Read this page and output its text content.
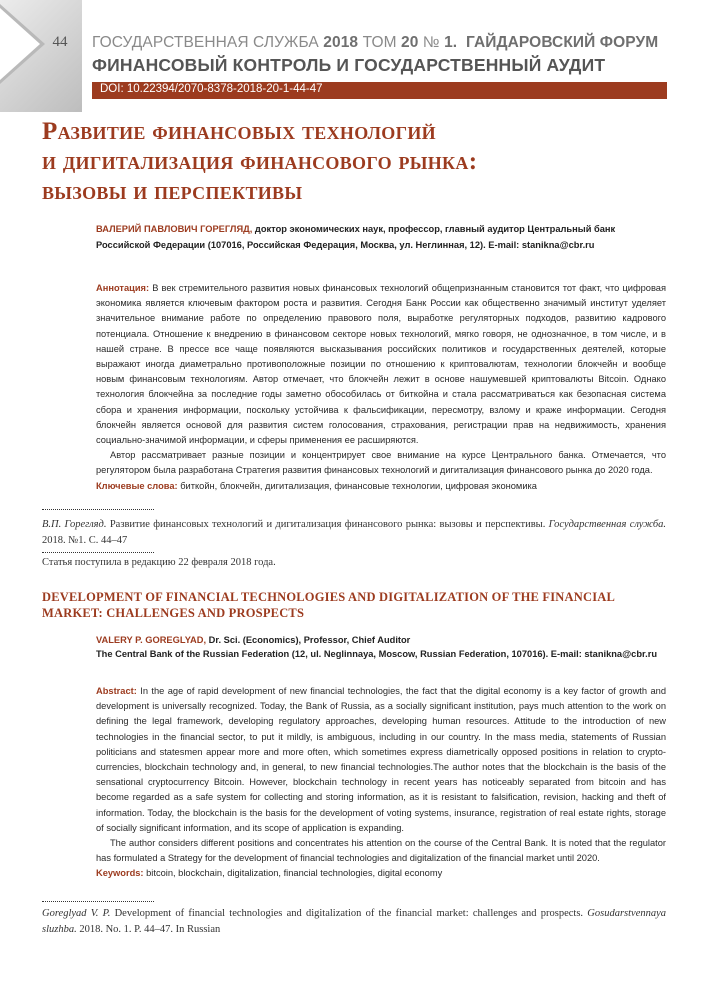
44	ГОСУДАРСТВЕННАЯ СЛУЖБА 2018 ТОМ 20 № 1. ГАЙДАРОВСКИЙ ФОРУМ
ФИНАНСОВЫЙ КОНТРОЛЬ И ГОСУДАРСТВЕННЫЙ АУДИТ
DOI: 10.22394/2070-8378-2018-20-1-44-47
Развитие финансовых технологий
и дигитализация финансового рынка:
вызовы и перспективы
ВАЛЕРИЙ ПАВЛОВИЧ ГОРЕГЛЯД, доктор экономических наук, профессор, главный аудитор Центральный банк Российской Федерации (107016, Российская Федерация, Москва, ул. Неглинная, 12). E-mail: stanikna@cbr.ru

Аннотация: В век стремительного развития новых финансовых технологий общепризнанным становится тот факт, что цифровая экономика является ключевым фактором роста и развития. Сегодня Банк России как общественно значимый институт уделяет значительное внимание работе по определению правового поля, выработке регуляторных подходов, развитию кадрового потенциала. Отношение к внедрению в финансовом секторе новых технологий, мягко говоря, не однозначное, в том числе, и в нашей стране. В прессе все чаще появляются высказывания российских политиков и государственных деятелей, которые выражают иногда диаметрально противоположные позиции по отношению к криптовалютам, технологии блокчейн и вообще новым финансовым технологиям. Автор отмечает, что блокчейн лежит в основе нашумевшей криптовалюты Bitcoin. Однако технология блокчейна за последние годы заметно обособилась от биткойна и стала рассматриваться как безопасная система сбора и хранения информации, поскольку устойчива к фальсификации, пересмотру, взлому и краже информации. Сегодня блокчейн является основой для развития систем голосования, страхования, регистрации прав на недвижимость, хранения социально-значимой информации, и сферы применения ее расширяются.

Автор рассматривает разные позиции и концентрирует свое внимание на курсе Центрального банка. Отмечается, что регулятором была разработана Стратегия развития финансовых технологий и дигитализация финансового рынка до 2020 года.

Ключевые слова: биткойн, блокчейн, дигитализация, финансовые технологии, цифровая экономика

В.П. Горегляд. Развитие финансовых технологий и дигитализация финансового рынка: вызовы и перспективы. Государственная служба. 2018. №1. С. 44–47
Статья поступила в редакцию 22 февраля 2018 года.
DEVELOPMENT OF FINANCIAL TECHNOLOGIES AND DIGITALIZATION OF THE FINANCIAL MARKET: CHALLENGES AND PROSPECTS
VALERY P. GOREGLYAD, Dr. Sci. (Economics), Professor, Chief Auditor
The Central Bank of the Russian Federation (12, ul. Neglinnaya, Moscow, Russian Federation, 107016). E-mail: stanikna@cbr.ru

Abstract: In the age of rapid development of new financial technologies, the fact that the digital economy is a key factor of growth and development is universally recognized. Today, the Bank of Russia, as a socially significant institution, pays much attention to the work on defining the legal framework, developing regulatory approaches, developing human resources. Attitude to the introduction of new technologies in the financial sector, to put it mildly, is ambiguous, including in our country. In the mass media, statements of Russian politicians and statesmen appear more and more often, which sometimes express diametrically opposed positions in relation to crypto-currencies, blockchain technology and, in general, to new financial technologies.The author notes that the blockchain is the basis of the sensational cryptocurrency Bitcoin. However, blockchain technology in recent years has noticeably separated from bitcoin and has become regarded as a safe system for collecting and storing information, as it is resistant to falsification, revision, hacking and theft of information. Today, the blockchain is the basis for the development of voting systems, insurance, registration of real estate rights, storage of socially significant information, and its scope of application is expanding.

The author considers different positions and concentrates his attention on the course of the Central Bank. It is noted that the regulator has formulated a Strategy for the development of financial technologies and digitalization of the financial market until 2020.

Keywords: bitcoin, blockchain, digitalization, financial technologies, digital economy

Goreglyad V. P. Development of financial technologies and digitalization of the financial market: challenges and prospects. Gosudarstvennaya sluzhba. 2018. No. 1. P. 44–47. In Russian
